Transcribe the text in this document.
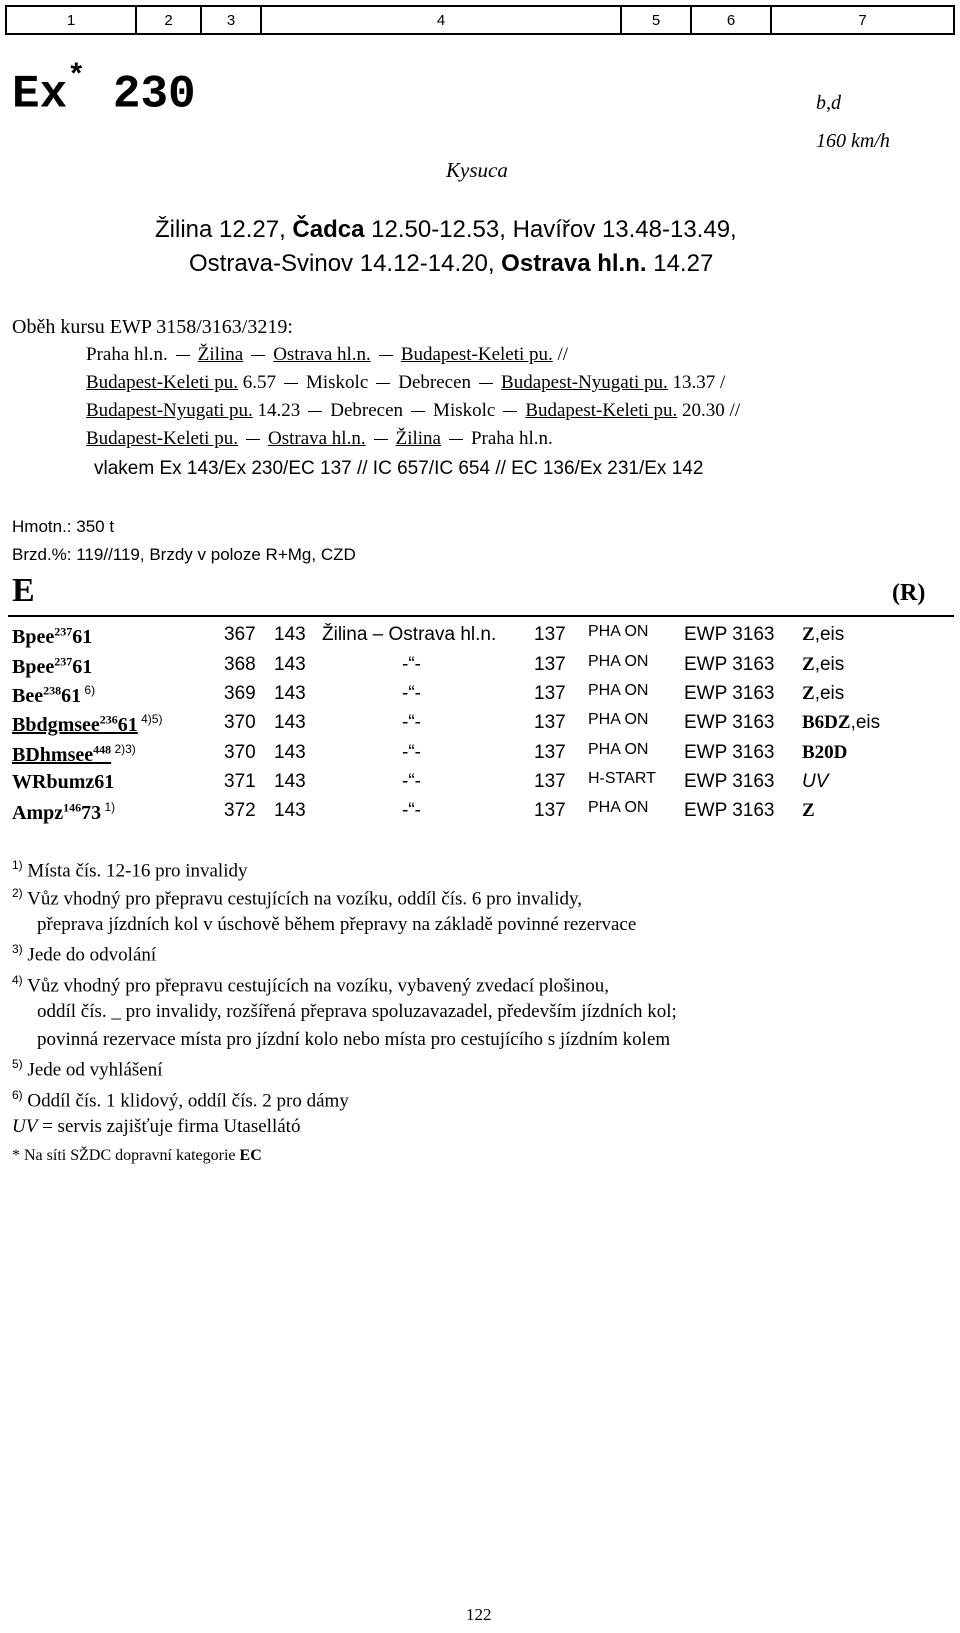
1	2	3	4	5	6	7
Ex* 230	b,d
160 km/h
Kysuca
Žilina 12.27, Čadca 12.50-12.53, Havířov 13.48-13.49,
Ostrava-Svinov 14.12-14.20, Ostrava hl.n. 14.27
Oběh kursu EWP 3158/3163/3219:
Praha hl.n. Žilina Ostrava hl.n. Budapest-Keleti pu. //
Budapest-Keleti pu. 6.57 Miskolc Debrecen Budapest-Nyugati pu. 13.37 /
Budapest-Nyugati pu. 14.23 Debrecen Miskolc Budapest-Keleti pu. 20.30 //
Budapest-Keleti pu. Ostrava hl.n. Žilina Praha hl.n.
vlakem Ex 143/Ex 230/EC 137 // IC 657/IC 654 // EC 136/Ex 231/Ex 142
Hmotn.: 350 t
Brzd.%: 119//119, Brzdy v poloze R+Mg, CZD
E	(R)
Bpee$^{237}$61	367 143 Žilina – Ostrava hl.n. 137 PHA ON EWP 3163 Z,eis
Bpee$^{237}$61	368 143	-“-	137 PHA ON EWP 3163 Z,eis
Bee$^{238}$61 $^{6)}$	369 143	-“-	137 PHA ON EWP 3163 Z,eis
Bbdgmsee$^{236}$61 $^{4)5)}$	370 143	-“-	137 PHA ON EWP 3163 B6DZ,eis
BDhmsee$^{448}$ $^{2)3)}$	370 143	-“-	137 PHA ON EWP 3163 B20D
WRbumz61	371 143	-“-	137 H-START EWP 3163 UV
Ampz$^{146}$73 $^{1)}$	372 143	-“-	137 PHA ON EWP 3163 Z
$^{1)}$ Místa čís. 12-16 pro invalidy
$^{2)}$ Vůz vhodný pro přepravu cestujících na vozíku, oddíl čís. 6 pro invalidy,
přeprava jízdních kol v úschově během přepravy na základě povinné rezervace
$^{3)}$ Jede do odvolání
$^{4)}$ Vůz vhodný pro přepravu cestujících na vozíku, vybavený zvedací plošinou,
oddíl čís. _ pro invalidy, rozšířená přeprava spoluzavazadel, především jízdních kol;
povinná rezervace místa pro jízdní kolo nebo místa pro cestujícího s jízdním kolem
$^{5)}$ Jede od vyhlášení
$^{6)}$ Oddíl čís. 1 klidový, oddíl čís. 2 pro dámy
UV = servis zajišťuje firma Utasellátó
* Na síti SŽDC dopravní kategorie EC
122
